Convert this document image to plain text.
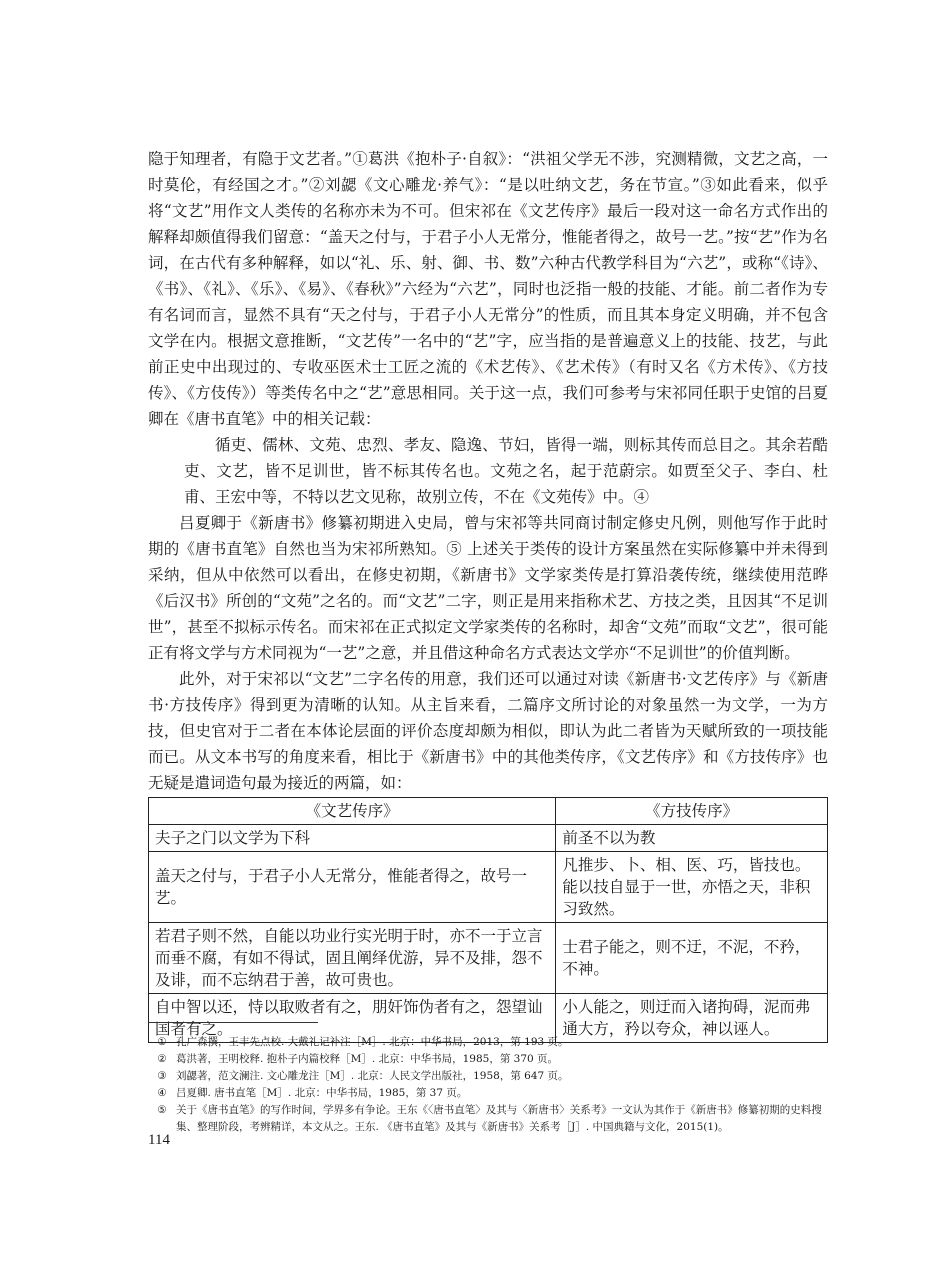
隐于知理者，有隐于文艺者。”①葛洪《抱朴子·自叙》：“洪祖父学无不涉，究测精微，文艺之高，一时莫伦，有经国之才。”②刘勰《文心雕龙·养气》：“是以吐纳文艺，务在节宣。”③如此看来，似乎将“文艺”用作文人类传的名称亦未为不可。但宋祁在《文艺传序》最后一段对这一命名方式作出的解释却颇值得我们留意：“盖天之付与，于君子小人无常分，惟能者得之，故号一艺。”按“艺”作为名词，在古代有多种解释，如以“礼、乐、射、御、书、数”六种古代教学科目为“六艺”，或称“《诗》、《书》、《礼》、《乐》、《易》、《春秋》”六经为“六艺”，同时也泛指一般的技能、才能。前二者作为专有名词而言，显然不具有“天之付与，于君子小人无常分”的性质，而且其本身定义明确，并不包含文学在内。根据文意推断，“文艺传”一名中的“艺”字，应当指的是普遍意义上的技能、技艺，与此前正史中出现过的、专收巫医术士工匠之流的《术艺传》、《艺术传》（有时又名《方术传》、《方技传》、《方伎传》）等类传名中之“艺”意思相同。关于这一点，我们可参考与宋祁同任职于史馆的吕夏卿在《唐书直笔》中的相关记载：

循吏、儒林、文苑、忠烈、孝友、隐逸、节妇，皆得一端，则标其传而总目之。其余若酷吏、文艺，皆不足训世，皆不标其传名也。文苑之名，起于范蔚宗。如贾至父子、李白、杜甫、王宏中等，不特以艺文见称，故别立传，不在《文苑传》中。④

吕夏卿于《新唐书》修纂初期进入史局，曾与宋祁等共同商讨制定修史凡例，则他写作于此时期的《唐书直笔》自然也当为宋祁所熟知。⑤ 上述关于类传的设计方案虽然在实际修纂中并未得到采纳，但从中依然可以看出，在修史初期，《新唐书》文学家类传是打算沿袭传统，继续使用范晔《后汉书》所创的“文苑”之名的。而“文艺”二字，则正是用来指称术艺、方技之类，且因其“不足训世”，甚至不拟标示传名。而宋祁在正式拟定文学家类传的名称时，却舍“文苑”而取“文艺”，很可能正有将文学与方术同视为“一艺”之意，并且借这种命名方式表达文学亦“不足训世”的价值判断。

此外，对于宋祁以“文艺”二字名传的用意，我们还可以通过对读《新唐书·文艺传序》与《新唐书·方技传序》得到更为清晰的认知。从主旨来看，二篇序文所讨论的对象虽然一为文学，一为方技，但史官对于二者在本体论层面的评价态度却颇为相似，即认为此二者皆为天赋所致的一项技能而已。从文本书写的角度来看，相比于《新唐书》中的其他类传序，《文艺传序》和《方技传序》也无疑是遣词造句最为接近的两篇，如：

《文艺传序》	《方技传序》
夫子之门以文学为下科	前圣不以为教
盖天之付与，于君子小人无常分，惟能者得之，故号一艺。	凡推步、卜、相、医、巧，皆技也。能以技自显于一世，亦悟之天，非积习致然。
若君子则不然，自能以功业行实光明于时，亦不一于立言而垂不腐，有如不得试，固且阐绎优游，异不及排，怨不及诽，而不忘纳君于善，故可贵也。	士君子能之，则不迂，不泥，不矜，不神。
自中智以还，恃以取败者有之，朋奸饰伪者有之，怨望讪国者有之。	小人能之，则迂而入诸拘碍，泥而弗通大方，矜以夸众，神以诬人。

① 孔广森撰，王丰先点校. 大戴礼记补注［M］. 北京：中华书局，2013，第 193 页。

② 葛洪著，王明校释. 抱朴子内篇校释［M］. 北京：中华书局，1985，第 370 页。

③ 刘勰著，范文澜注. 文心雕龙注［M］. 北京：人民文学出版社，1958，第 647 页。

④ 吕夏卿. 唐书直笔［M］. 北京：中华书局，1985，第 37 页。

⑤ 关于《唐书直笔》的写作时间，学界多有争论。王东《〈唐书直笔〉及其与〈新唐书〉关系考》一文认为其作于《新唐书》修纂初期的史料搜集、整理阶段，考辨精详，本文从之。王东. 《唐书直笔》及其与《新唐书》关系考［J］. 中国典籍与文化，2015(1)。

114
